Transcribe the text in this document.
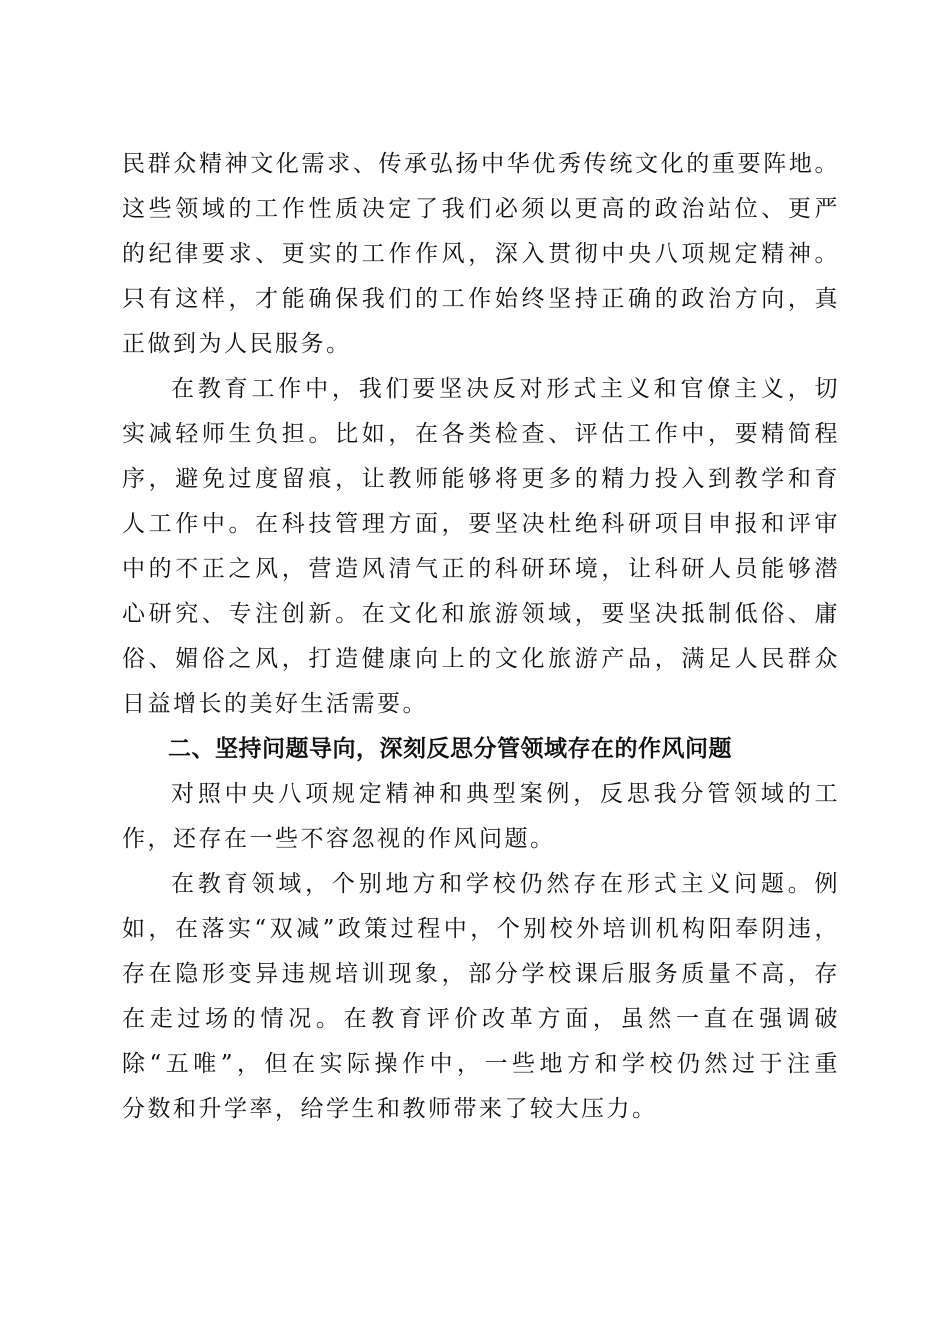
民群众精神文化需求、传承弘扬中华优秀传统文化的重要阵地。
这些领域的工作性质决定了我们必须以更高的政治站位、更严
的纪律要求、更实的工作作风，深入贯彻中央八项规定精神。
只有这样，才能确保我们的工作始终坚持正确的政治方向，真
正做到为人民服务。
在教育工作中，我们要坚决反对形式主义和官僚主义，切
实减轻师生负担。比如，在各类检查、评估工作中，要精简程
序，避免过度留痕，让教师能够将更多的精力投入到教学和育
人工作中。在科技管理方面，要坚决杜绝科研项目申报和评审
中的不正之风，营造风清气正的科研环境，让科研人员能够潜
心研究、专注创新。在文化和旅游领域，要坚决抵制低俗、庸
俗、媚俗之风，打造健康向上的文化旅游产品，满足人民群众
日益增长的美好生活需要。
二、坚持问题导向，深刻反思分管领域存在的作风问题
对照中央八项规定精神和典型案例，反思我分管领域的工
作，还存在一些不容忽视的作风问题。
在教育领域，个别地方和学校仍然存在形式主义问题。例
如，在落实“双减”政策过程中，个别校外培训机构阳奉阴违，
存在隐形变异违规培训现象，部分学校课后服务质量不高，存
在走过场的情况。在教育评价改革方面，虽然一直在强调破
除“五唯”，但在实际操作中，一些地方和学校仍然过于注重
分数和升学率，给学生和教师带来了较大压力。
